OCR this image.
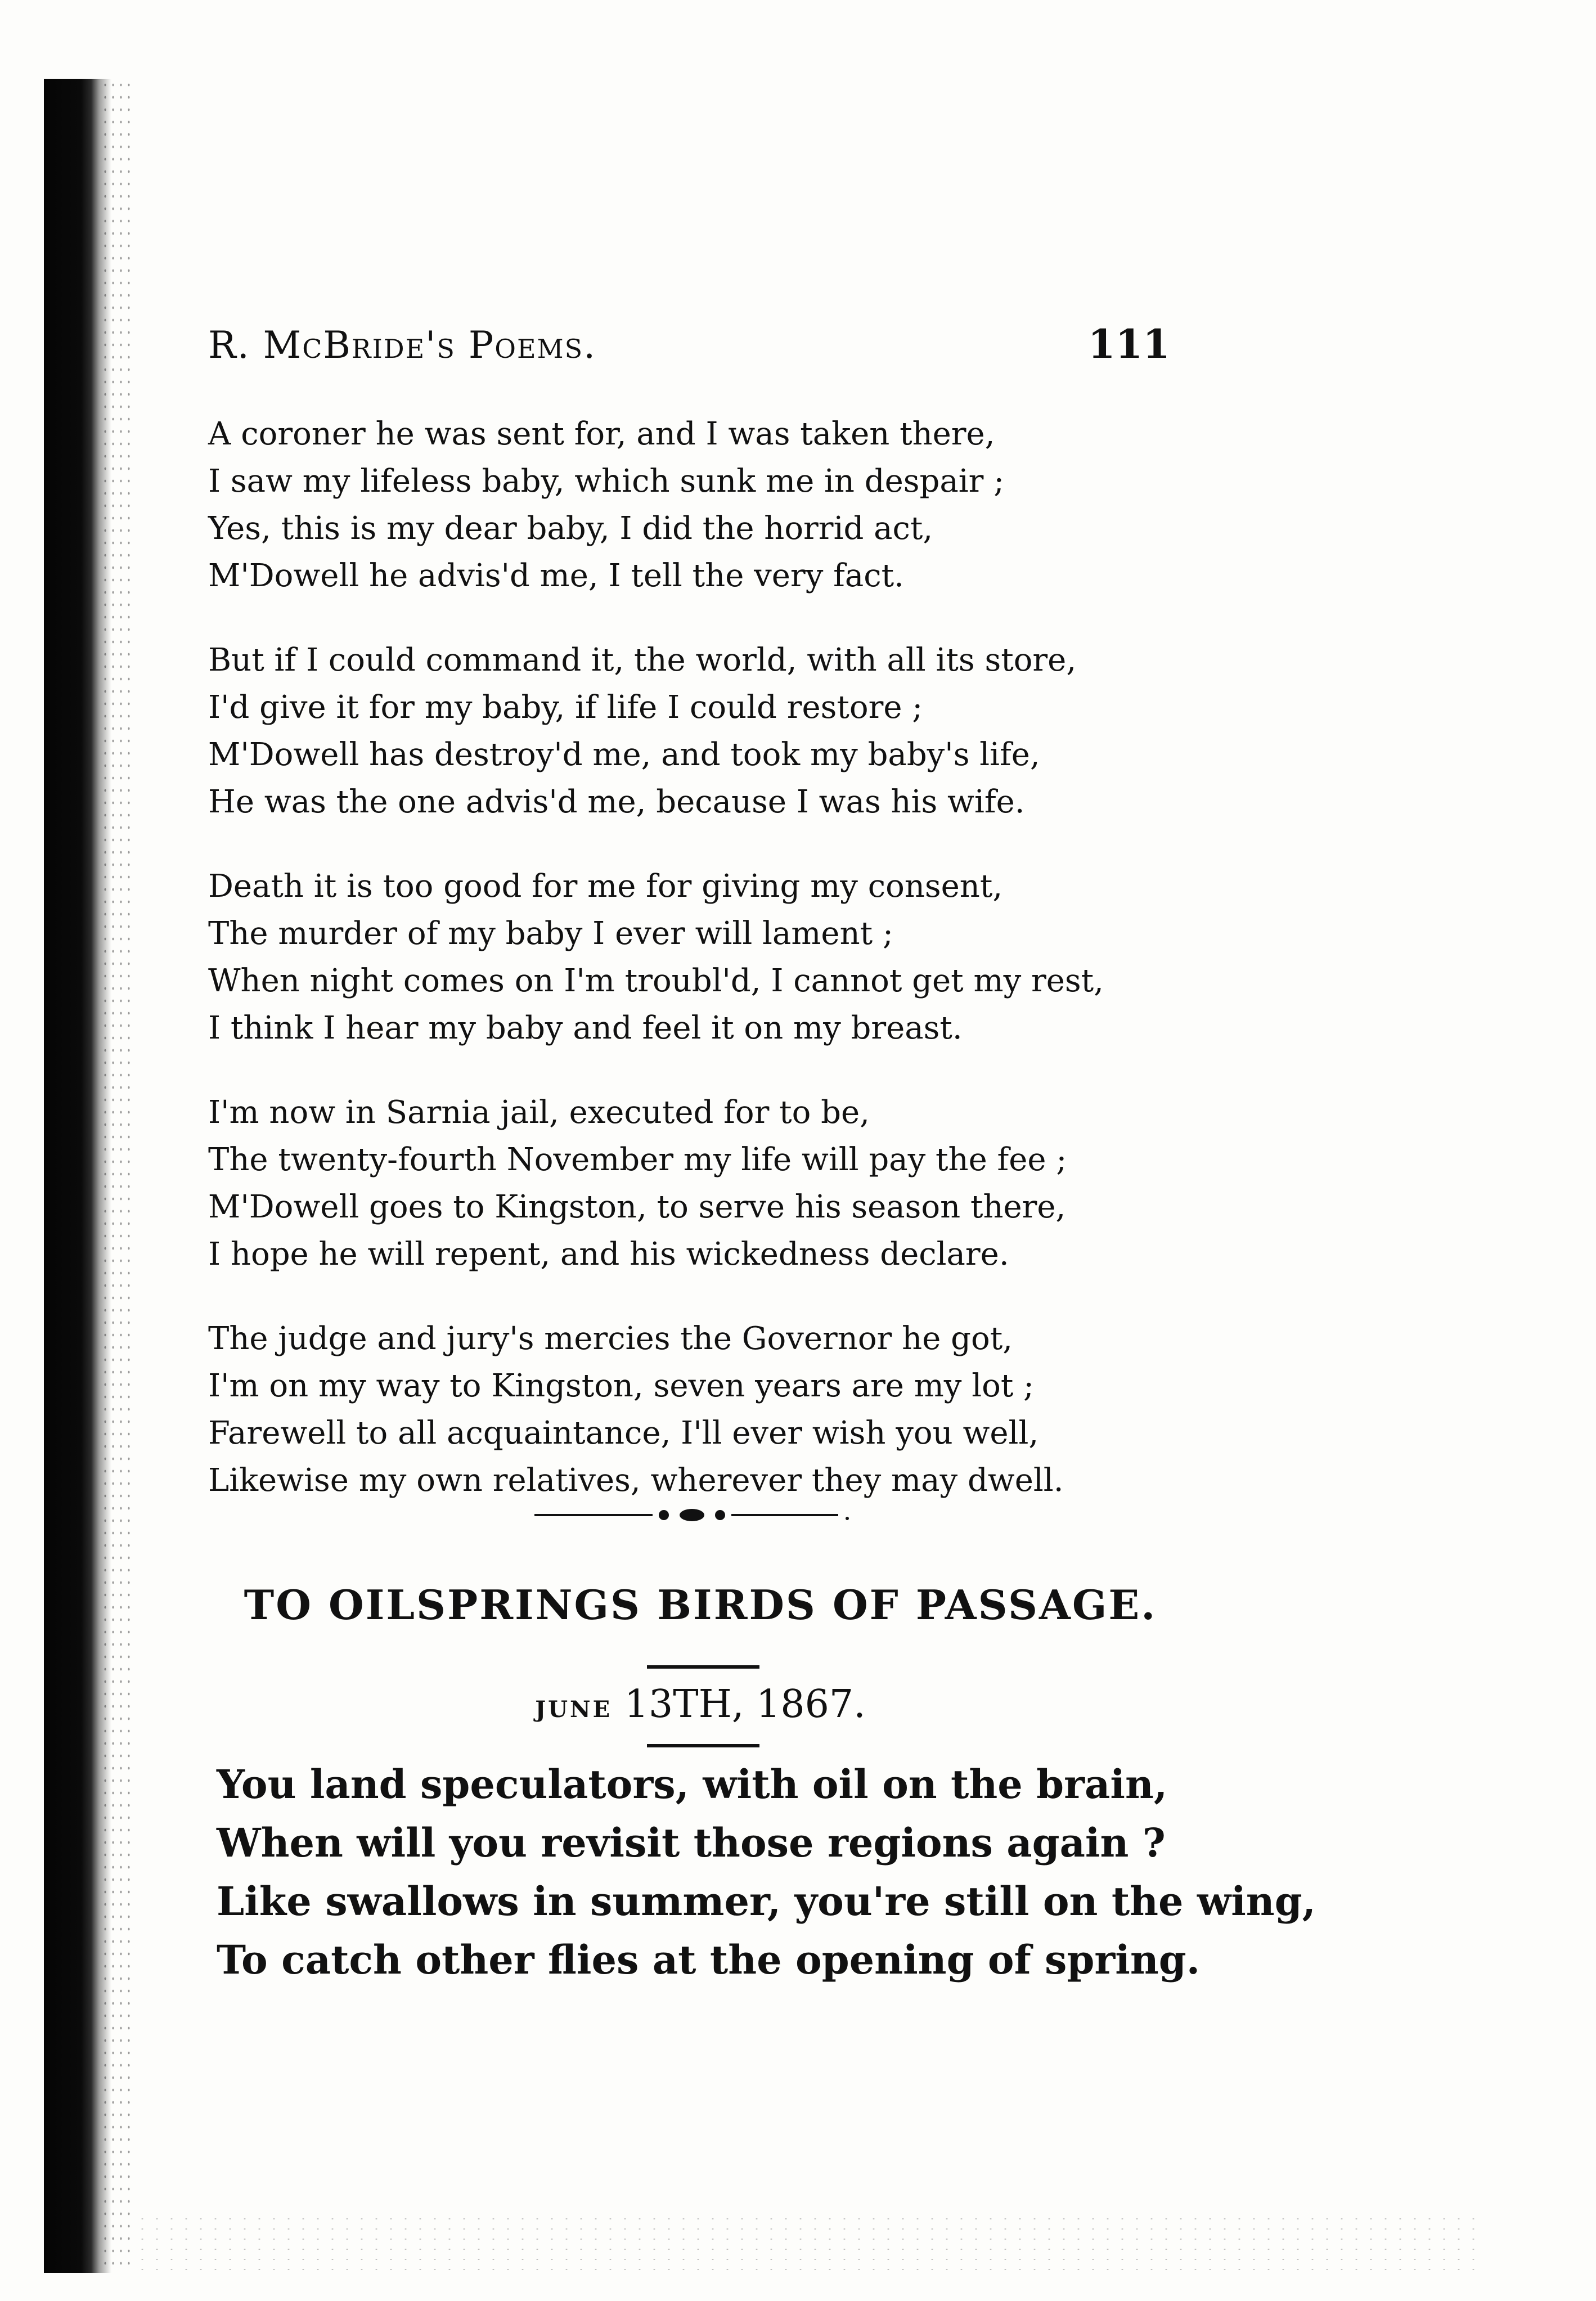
R. McBride's Poems.	111
A coroner he was sent for, and I was taken there,
I saw my lifeless baby, which sunk me in despair ;
Yes, this is my dear baby, I did the horrid act,
M'Dowell he advis'd me, I tell the very fact.
But if I could command it, the world, with all its store,
I'd give it for my baby, if life I could restore ;
M'Dowell has destroy'd me, and took my baby's life,
He was the one advis'd me, because I was his wife.
Death it is too good for me for giving my consent,
The murder of my baby I ever will lament ;
When night comes on I'm troubl'd, I cannot get my rest,
I think I hear my baby and feel it on my breast.
I'm now in Sarnia jail, executed for to be,
The twenty-fourth November my life will pay the fee ;
M'Dowell goes to Kingston, to serve his season there,
I hope he will repent, and his wickedness declare.
The judge and jury's mercies the Governor he got,
I'm on my way to Kingston, seven years are my lot ;
Farewell to all acquaintance, I'll ever wish you well,
Likewise my own relatives, wherever they may dwell.
TO OILSPRINGS BIRDS OF PASSAGE.
JUNE 13TH, 1867.
You land speculators, with oil on the brain,
When will you revisit those regions again ?
Like swallows in summer, you're still on the wing,
To catch other flies at the opening of spring.
